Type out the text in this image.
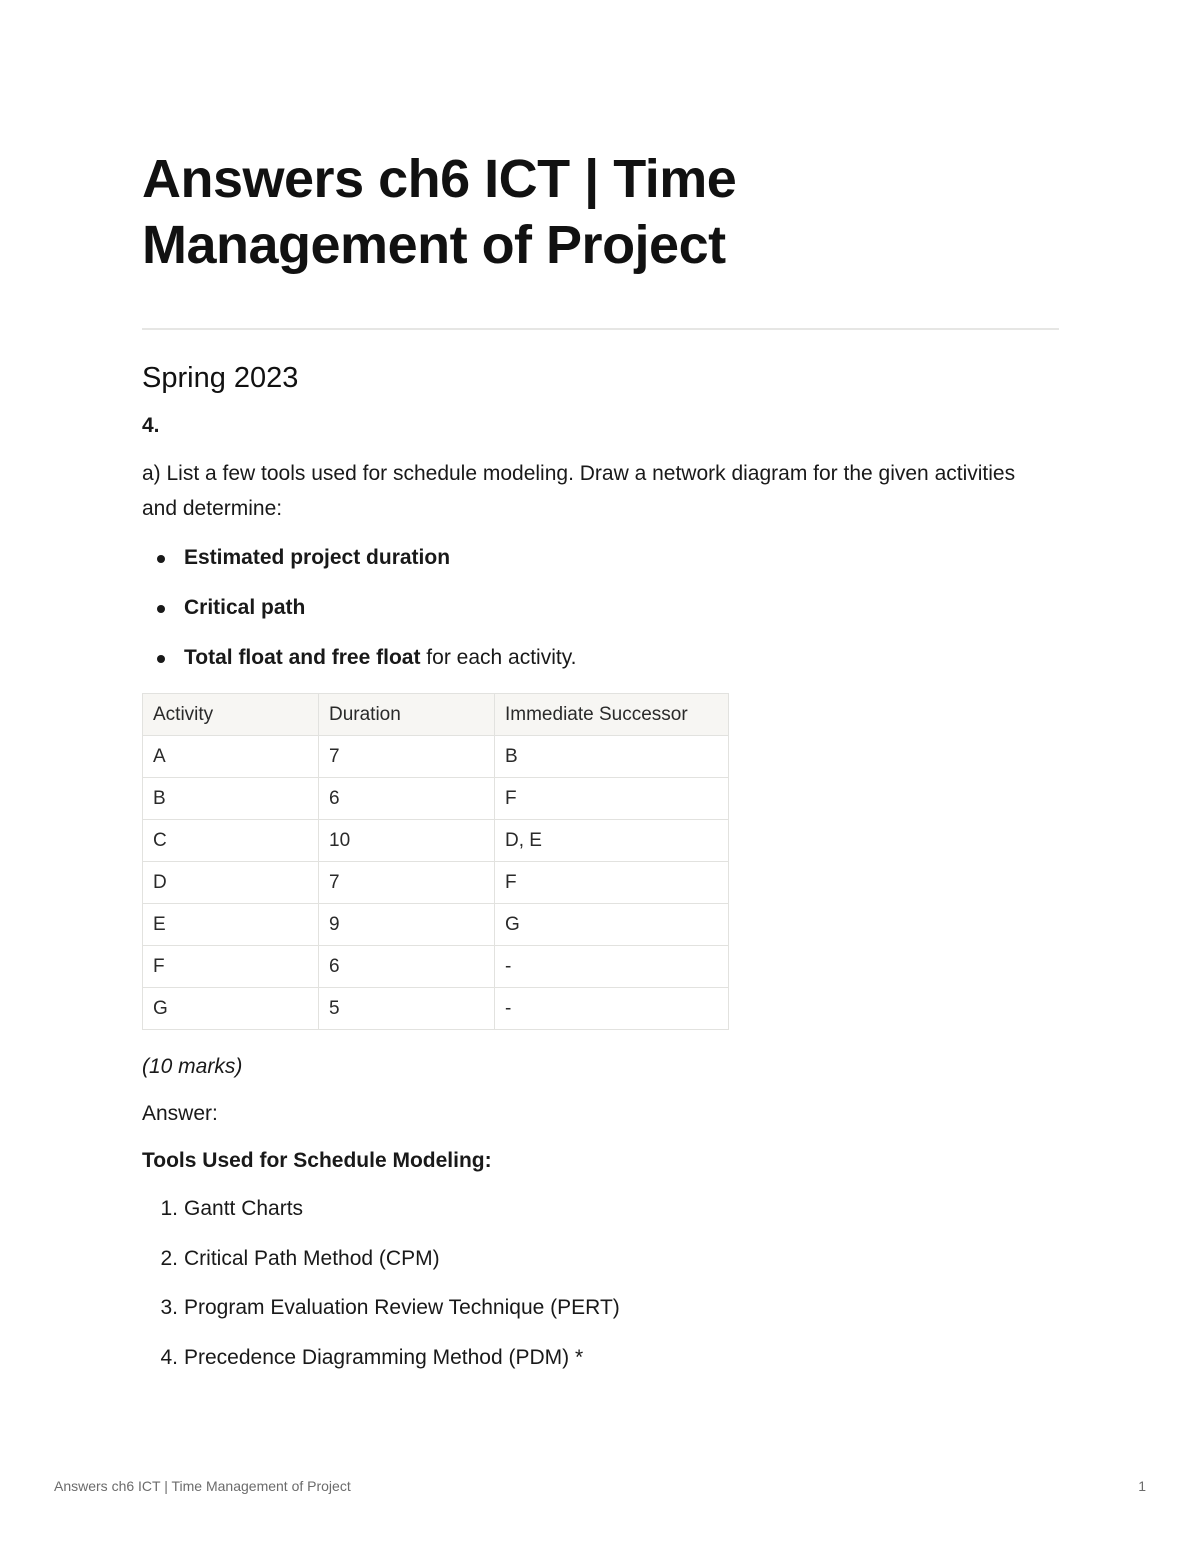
Answers ch6 ICT | Time Management of Project
Spring 2023
4.

a) List a few tools used for schedule modeling. Draw a network diagram for the given activities and determine:

Estimated project duration
Critical path
Total float and free float for each activity.
Activity	Duration	Immediate Successor
A	7	B
B	6	F
C	10	D, E
D	7	F
E	9	G
F	6	-
G	5	-

(10 marks)

Answer:

Tools Used for Schedule Modeling:

1. Gantt Charts
2. Critical Path Method (CPM)
3. Program Evaluation Review Technique (PERT)
4. Precedence Diagramming Method (PDM) *
Answers ch6 ICT | Time Management of Project	1
